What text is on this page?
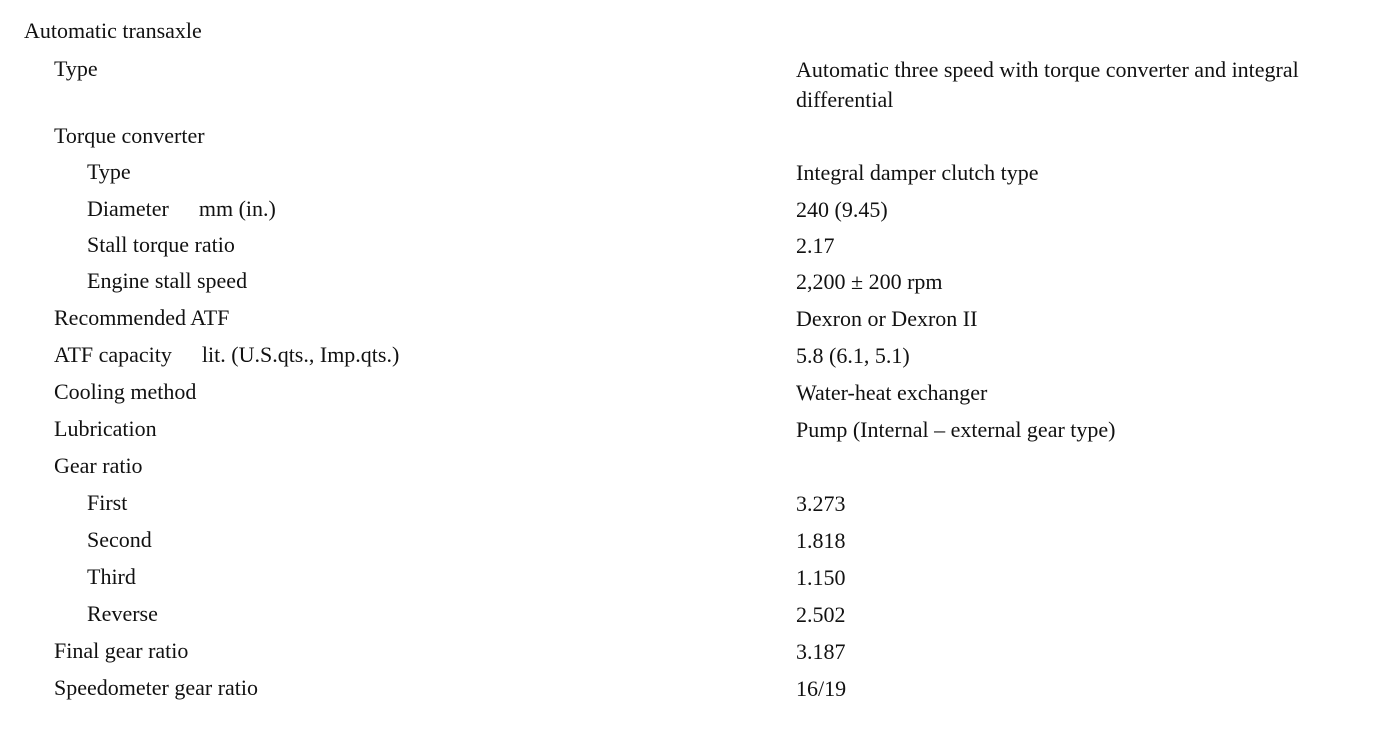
Automatic transaxle
Type	Automatic three speed with torque converter and integral differential
Torque converter
Type	Integral damper clutch type
Diameter mm (in.)	240 (9.45)
Stall torque ratio	2.17
Engine stall speed	2,200 ± 200 rpm
Recommended ATF	Dexron or Dexron II
ATF capacity lit. (U.S.qts., Imp.qts.)	5.8 (6.1, 5.1)
Cooling method	Water-heat exchanger
Lubrication	Pump (Internal – external gear type)
Gear ratio
First	3.273
Second	1.818
Third	1.150
Reverse	2.502
Final gear ratio	3.187
Speedometer gear ratio	16/19
